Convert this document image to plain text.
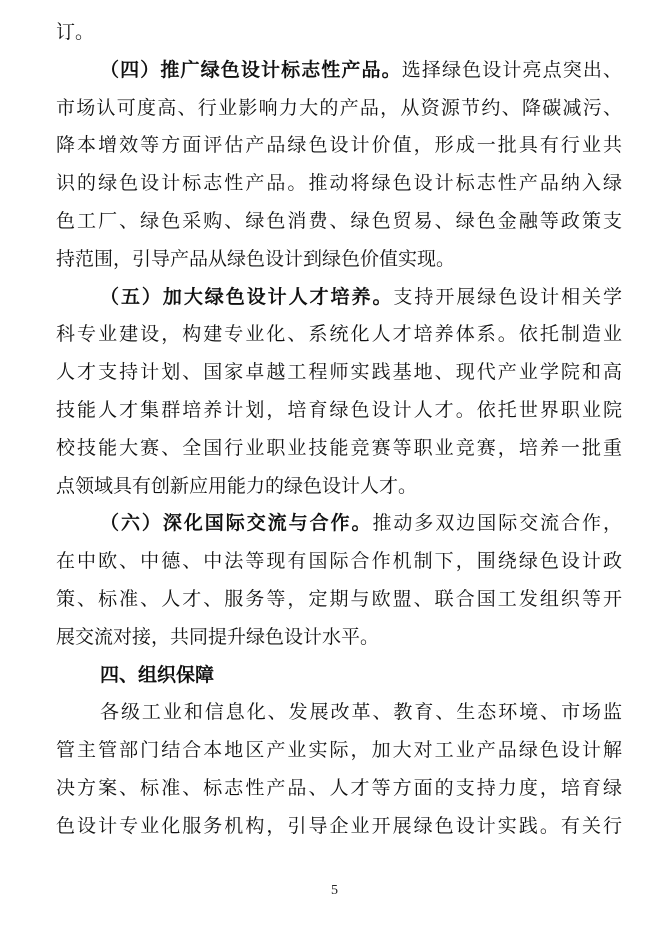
订。
（四）推广绿色设计标志性产品。选择绿色设计亮点突出、
市场认可度高、行业影响力大的产品，从资源节约、降碳减污、
降本增效等方面评估产品绿色设计价值，形成一批具有行业共
识的绿色设计标志性产品。推动将绿色设计标志性产品纳入绿
色工厂、绿色采购、绿色消费、绿色贸易、绿色金融等政策支
持范围，引导产品从绿色设计到绿色价值实现。
（五）加大绿色设计人才培养。支持开展绿色设计相关学
科专业建设，构建专业化、系统化人才培养体系。依托制造业
人才支持计划、国家卓越工程师实践基地、现代产业学院和高
技能人才集群培养计划，培育绿色设计人才。依托世界职业院
校技能大赛、全国行业职业技能竞赛等职业竞赛，培养一批重
点领域具有创新应用能力的绿色设计人才。
（六）深化国际交流与合作。推动多双边国际交流合作，
在中欧、中德、中法等现有国际合作机制下，围绕绿色设计政
策、标准、人才、服务等，定期与欧盟、联合国工发组织等开
展交流对接，共同提升绿色设计水平。
四、组织保障
各级工业和信息化、发展改革、教育、生态环境、市场监
管主管部门结合本地区产业实际，加大对工业产品绿色设计解
决方案、标准、标志性产品、人才等方面的支持力度，培育绿
色设计专业化服务机构，引导企业开展绿色设计实践。有关行
5
